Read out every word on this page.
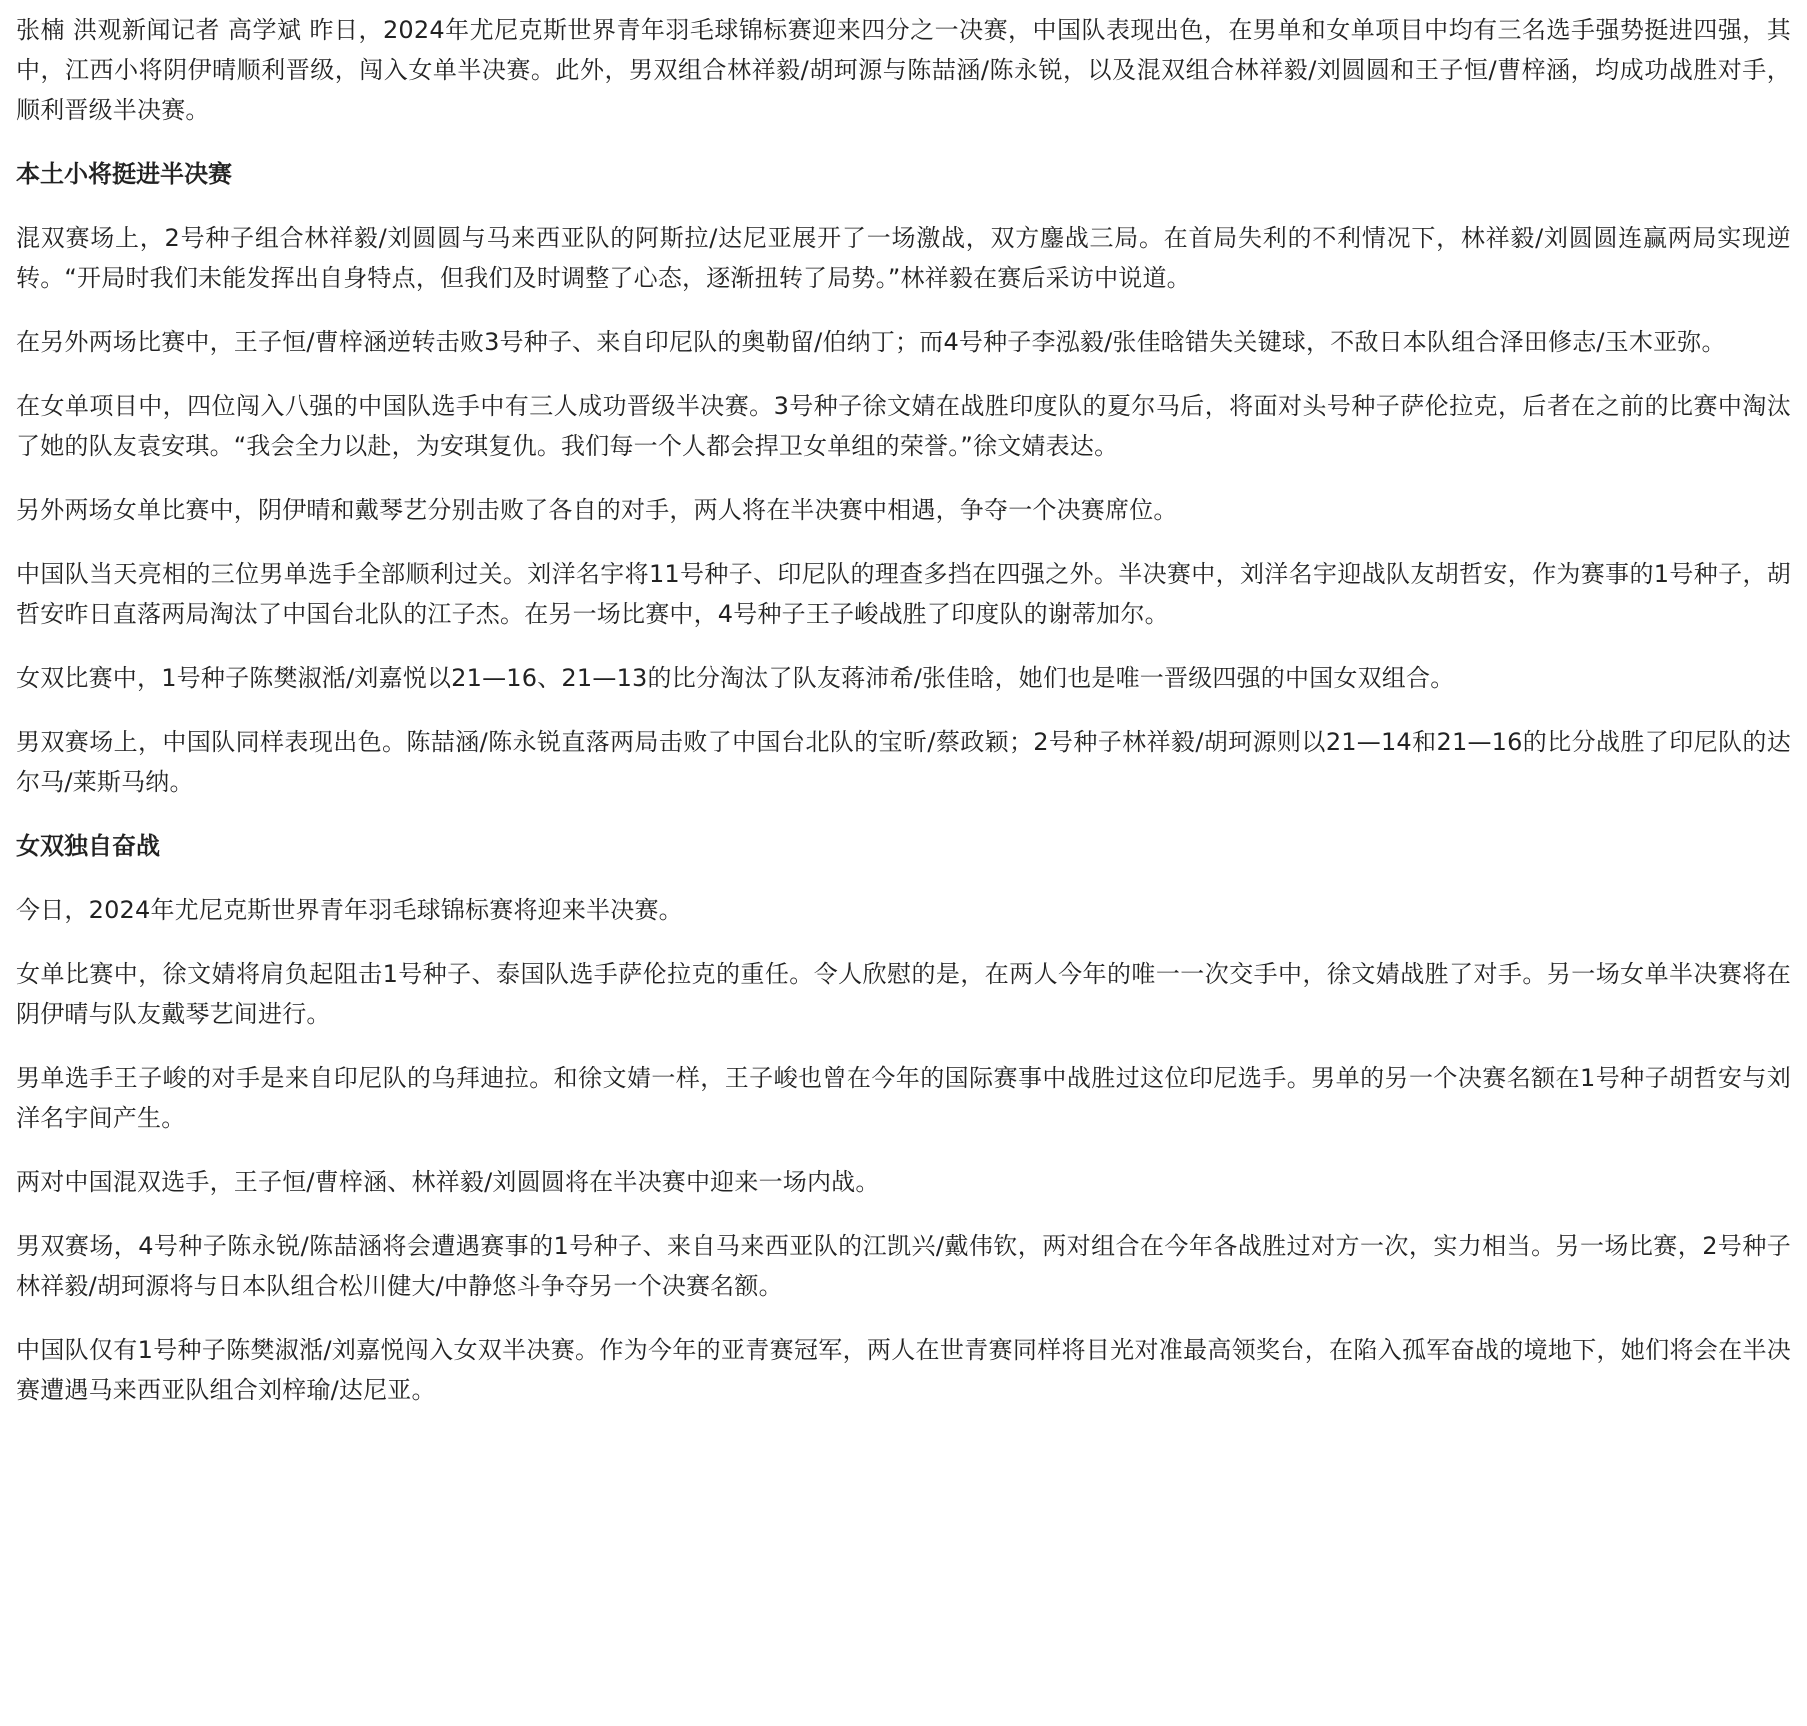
张楠 洪观新闻记者 高学斌 昨日，2024年尤尼克斯世界青年羽毛球锦标赛迎来四分之一决赛，中国队表现出色，在男单和女单项目中均有三名选手强势挺进四强，其中，江西小将阴伊晴顺利晋级，闯入女单半决赛。此外，男双组合林祥毅/胡珂源与陈喆涵/陈永锐，以及混双组合林祥毅/刘圆圆和王子恒/曹梓涵，均成功战胜对手，顺利晋级半决赛。

本土小将挺进半决赛

混双赛场上，2号种子组合林祥毅/刘圆圆与马来西亚队的阿斯拉/达尼亚展开了一场激战，双方鏖战三局。在首局失利的不利情况下，林祥毅/刘圆圆连赢两局实现逆转。“开局时我们未能发挥出自身特点，但我们及时调整了心态，逐渐扭转了局势。”林祥毅在赛后采访中说道。

在另外两场比赛中，王子恒/曹梓涵逆转击败3号种子、来自印尼队的奥勒留/伯纳丁；而4号种子李泓毅/张佳晗错失关键球，不敌日本队组合泽田修志/玉木亚弥。

在女单项目中，四位闯入八强的中国队选手中有三人成功晋级半决赛。3号种子徐文婧在战胜印度队的夏尔马后，将面对头号种子萨伦拉克，后者在之前的比赛中淘汰了她的队友袁安琪。“我会全力以赴，为安琪复仇。我们每一个人都会捍卫女单组的荣誉。”徐文婧表达。

另外两场女单比赛中，阴伊晴和戴琴艺分别击败了各自的对手，两人将在半决赛中相遇，争夺一个决赛席位。

中国队当天亮相的三位男单选手全部顺利过关。刘洋名宇将11号种子、印尼队的理查多挡在四强之外。半决赛中，刘洋名宇迎战队友胡哲安，作为赛事的1号种子，胡哲安昨日直落两局淘汰了中国台北队的江子杰。在另一场比赛中，4号种子王子峻战胜了印度队的谢蒂加尔。

女双比赛中，1号种子陈樊淑湉/刘嘉悦以21—16、21—13的比分淘汰了队友蒋沛希/张佳晗，她们也是唯一晋级四强的中国女双组合。

男双赛场上，中国队同样表现出色。陈喆涵/陈永锐直落两局击败了中国台北队的宝昕/蔡政颖；2号种子林祥毅/胡珂源则以21—14和21—16的比分战胜了印尼队的达尔马/莱斯马纳。

女双独自奋战

今日，2024年尤尼克斯世界青年羽毛球锦标赛将迎来半决赛。

女单比赛中，徐文婧将肩负起阻击1号种子、泰国队选手萨伦拉克的重任。令人欣慰的是，在两人今年的唯一一次交手中，徐文婧战胜了对手。另一场女单半决赛将在阴伊晴与队友戴琴艺间进行。

男单选手王子峻的对手是来自印尼队的乌拜迪拉。和徐文婧一样，王子峻也曾在今年的国际赛事中战胜过这位印尼选手。男单的另一个决赛名额在1号种子胡哲安与刘洋名宇间产生。

两对中国混双选手，王子恒/曹梓涵、林祥毅/刘圆圆将在半决赛中迎来一场内战。

男双赛场，4号种子陈永锐/陈喆涵将会遭遇赛事的1号种子、来自马来西亚队的江凯兴/戴伟钦，两对组合在今年各战胜过对方一次，实力相当。另一场比赛，2号种子林祥毅/胡珂源将与日本队组合松川健大/中静悠斗争夺另一个决赛名额。

中国队仅有1号种子陈樊淑湉/刘嘉悦闯入女双半决赛。作为今年的亚青赛冠军，两人在世青赛同样将目光对准最高领奖台，在陷入孤军奋战的境地下，她们将会在半决赛遭遇马来西亚队组合刘梓瑜/达尼亚。
